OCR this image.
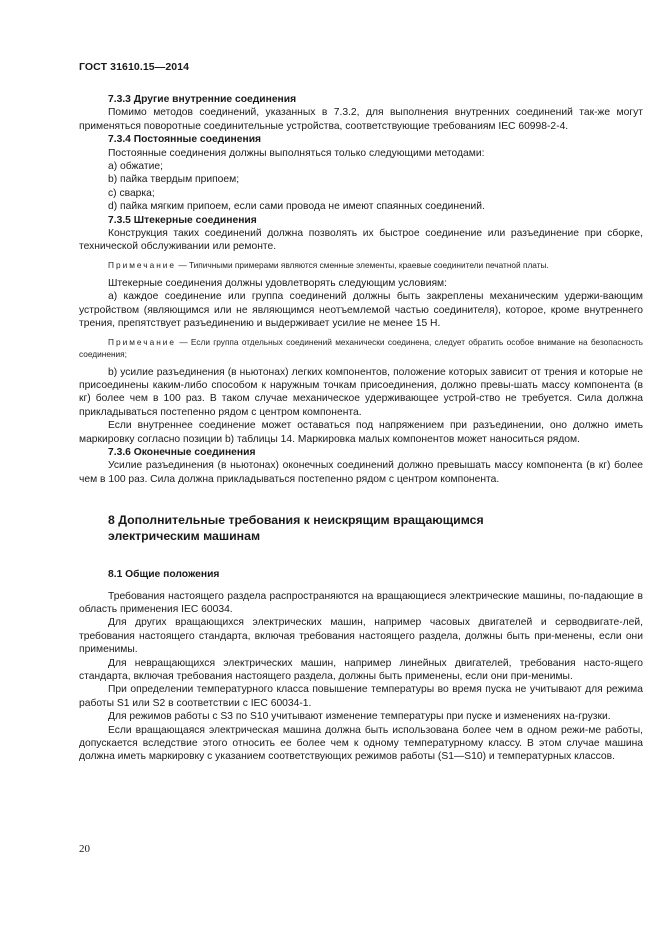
ГОСТ 31610.15—2014

7.3.3 Другие внутренние соединения

Помимо методов соединений, указанных в 7.3.2, для выполнения внутренних соединений так-же могут применяться поворотные соединительные устройства, соответствующие требованиям IEC 60998-2-4.

7.3.4 Постоянные соединения

Постоянные соединения должны выполняться только следующими методами:

a) обжатие;

b) пайка твердым припоем;

c) сварка;

d) пайка мягким припоем, если сами провода не имеют спаянных соединений.

7.3.5 Штекерные соединения

Конструкция таких соединений должна позволять их быстрое соединение или разъединение при сборке, технической обслуживании или ремонте.

Примечание — Типичными примерами являются сменные элементы, краевые соединители печатной платы.

Штекерные соединения должны удовлетворять следующим условиям:

a) каждое соединение или группа соединений должны быть закреплены механическим удержи-вающим устройством (являющимся или не являющимся неотъемлемой частью соединителя), которое, кроме внутреннего трения, препятствует разъединению и выдерживает усилие не менее 15 Н.

Примечание — Если группа отдельных соединений механически соединена, следует обратить особое внимание на безопасность соединения;

b) усилие разъединения (в ньютонах) легких компонентов, положение которых зависит от трения и которые не присоединены каким-либо способом к наружным точкам присоединения, должно превы-шать массу компонента (в кг) более чем в 100 раз. В таком случае механическое удерживающее устрой-ство не требуется. Сила должна прикладываться постепенно рядом с центром компонента.

Если внутреннее соединение может оставаться под напряжением при разъединении, оно должно иметь маркировку согласно позиции b) таблицы 14. Маркировка малых компонентов может наноситься рядом.

7.3.6 Оконечные соединения

Усилие разъединения (в ньютонах) оконечных соединений должно превышать массу компонента (в кг) более чем в 100 раз. Сила должна прикладываться постепенно рядом с центром компонента.

8 Дополнительные требования к неискрящим вращающимся
электрическим машинам

8.1 Общие положения

Требования настоящего раздела распространяются на вращающиеся электрические машины, по-падающие в область применения IEC 60034.

Для других вращающихся электрических машин, например часовых двигателей и серводвигате-лей, требования настоящего стандарта, включая требования настоящего раздела, должны быть при-менены, если они применимы.

Для невращающихся электрических машин, например линейных двигателей, требования насто-ящего стандарта, включая требования настоящего раздела, должны быть применены, если они при-менимы.

При определении температурного класса повышение температуры во время пуска не учитывают для режима работы S1 или S2 в соответствии с IEC 60034-1.

Для режимов работы с S3 по S10 учитывают изменение температуры при пуске и изменениях на-грузки.

Если вращающаяся электрическая машина должна быть использована более чем в одном режи-ме работы, допускается вследствие этого относить ее более чем к одному температурному классу. В этом случае машина должна иметь маркировку с указанием соответствующих режимов работы (S1—S10) и температурных классов.

20
